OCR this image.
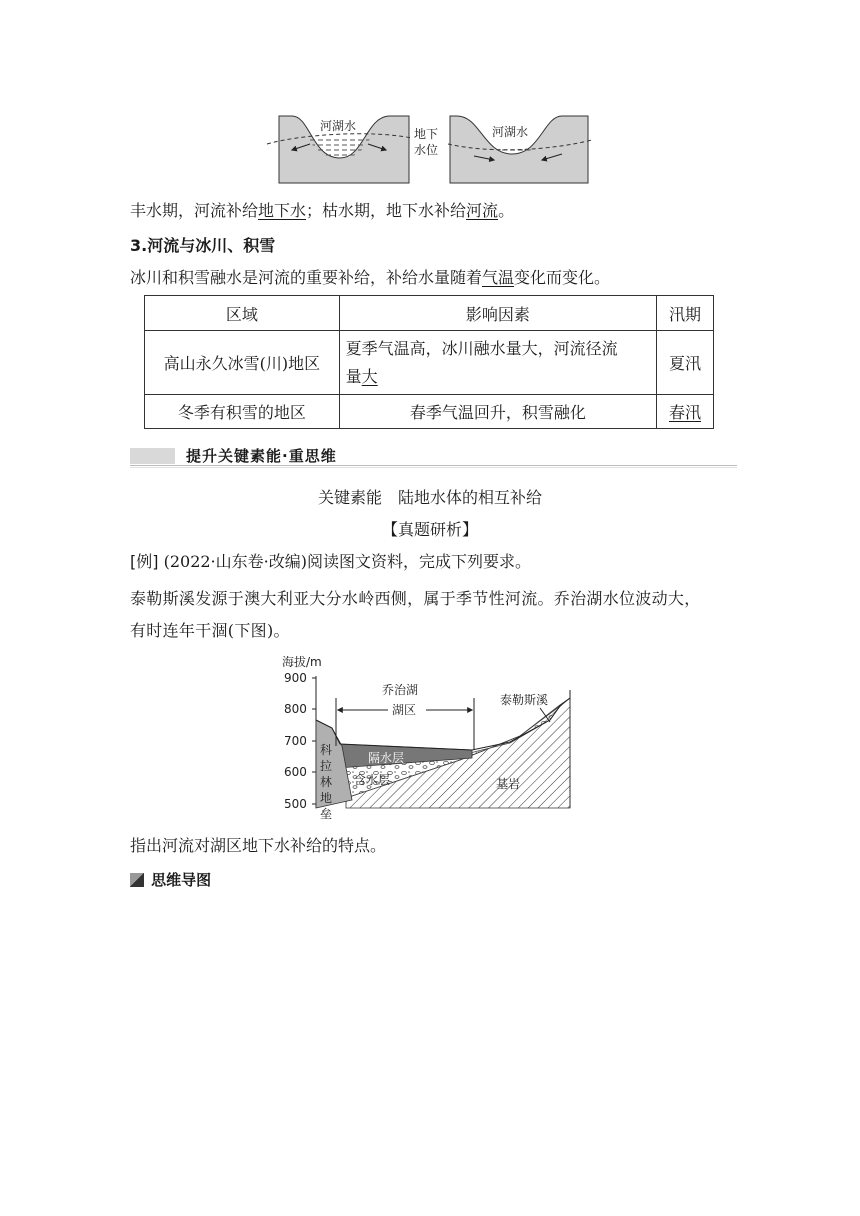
河湖水
地下
水位
河湖水
丰水期，河流补给地下水；枯水期，地下水补给河流。
3.河流与冰川、积雪
冰川和积雪融水是河流的重要补给，补给水量随着气温变化而变化。
区域	影响因素	汛期
高山永久冰雪(川)地区	夏季气温高，冰川融水量大，河流径流
量大	夏汛
冬季有积雪的地区	春季气温回升，积雪融化	春汛
提升关键素能·重思维
关键素能　陆地水体的相互补给
【真题研析】
[例] (2022·山东卷·改编)阅读图文资料，完成下列要求。
泰勒斯溪发源于澳大利亚大分水岭西侧，属于季节性河流。乔治湖水位波动大，
有时连年干涸(下图)。
海拔/m
900
800
700
600
500
乔治湖
湖区
泰勒斯溪
科
拉
林
地
垒
隔水层
含水层	基岩
指出河流对湖区地下水补给的特点。
思维导图
